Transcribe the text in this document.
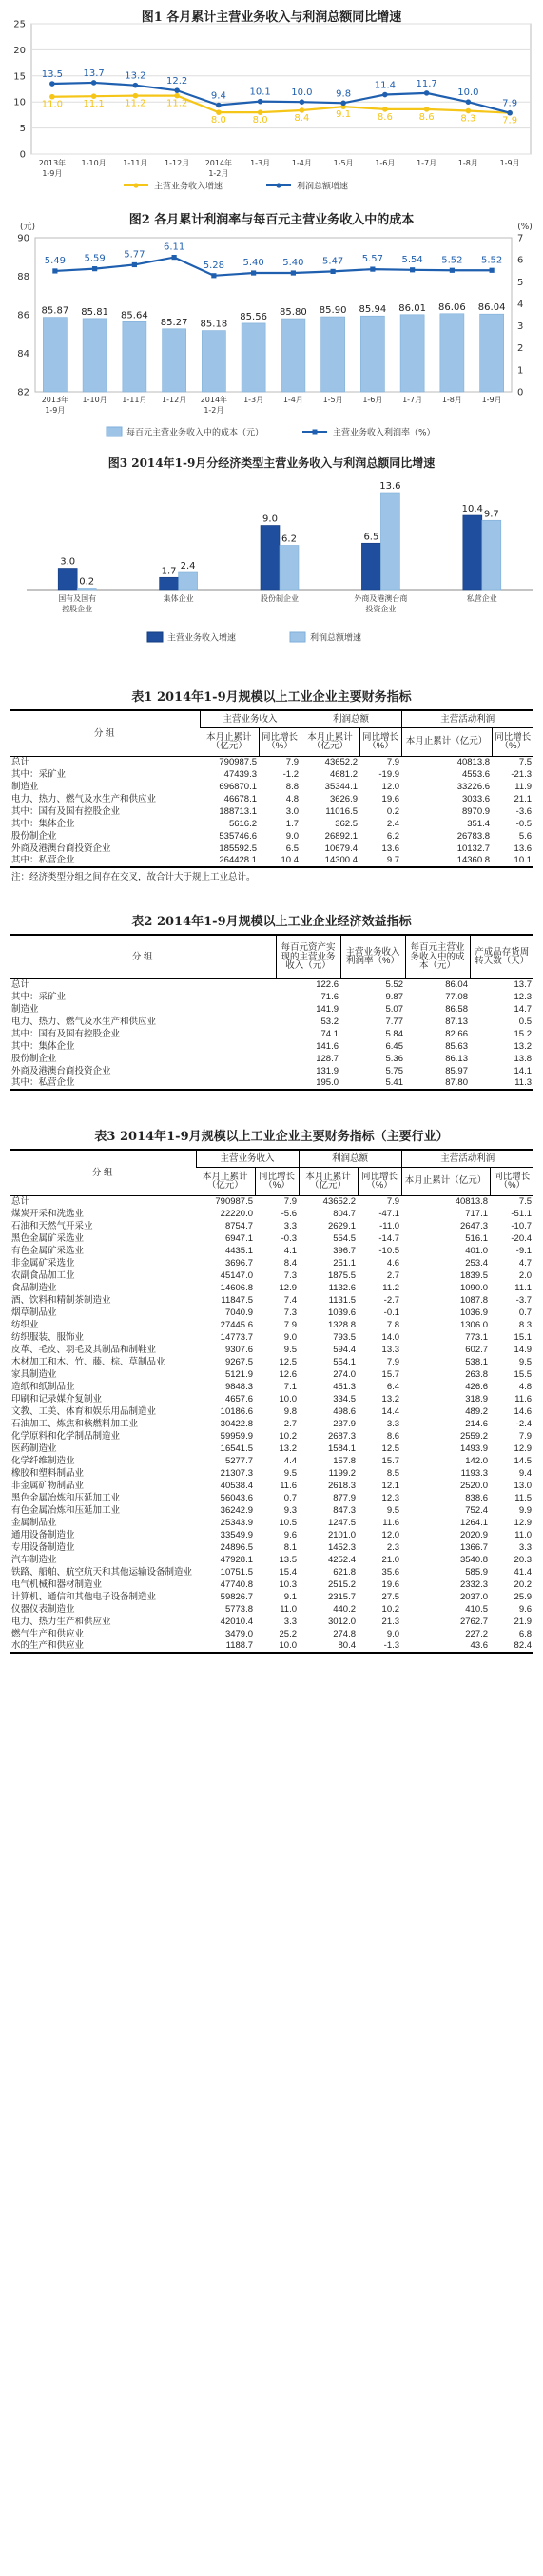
图1 各月累计主营业务收入与利润总额同比增速
0
5
10
15
20
25
2013年
1-9月
1-10月 1-11月 1-12月 2014年
1-2月
1-3月	1-4月	1-5月	1-6月	1-7月	1-8月	1-9月
11.0 11.1 11.2 11.2
8.0	8.0	8.4	9.1	8.6	8.6	8.3	7.9
13.5 13.7 13.2 12.2
9.4 10.1 10.0 9.8
11.4 11.7
10.0
7.9
主营业务收入增速	利润总额增速
图2 各月累计利润率与每百元主营业务收入中的成本
(元)	(%)
82
84
86
88
90
0
1
2
3
4
5
6
7
85.87 85.81 85.64
85.27 85.18
85.56 85.80 85.90 85.94 86.01 86.06 86.04
5.49 5.59 5.77
6.11
5.28 5.40 5.40 5.47 5.57 5.54 5.52 5.52
2013年
1-9月
1-10月 1-11月 1-12月 2014年
1-2月
1-3月	1-4月	1-5月	1-6月	1-7月	1-8月	1-9月
每百元主营业务收入中的成本（元）	主营业务收入利润率（%）
图3 2014年1-9月分经济类型主营业务收入与利润总额同比增速
3.0
1.7
9.0
6.5
10.4
0.2
2.4
6.2
13.6
9.7
国有及国有
控股企业
集体企业	股份制企业	外商及港澳台商
投资企业
私营企业
主营业务收入增速	利润总额增速
表1 2014年1-9月规模以上工业企业主要财务指标
分 组	主营业务收入		利润总额		主营活动利润	
	本月止累计（亿元）	同比增长（%）	本月止累计（亿元）	同比增长（%）	本月止累计（亿元）	同比增长（%）
总计	790987.5	7.9	43652.2	7.9	40813.8	7.5
其中：采矿业	47439.3	-1.2	4681.2	-19.9	4553.6	-21.3
制造业	696870.1	8.8	35344.1	12.0	33226.6	11.9
电力、热力、燃气及水生产和供应业	46678.1	4.8	3626.9	19.6	3033.6	21.1
其中：国有及国有控股企业	188713.1	3.0	11016.5	0.2	8970.9	-3.6
其中：集体企业	5616.2	1.7	362.5	2.4	351.4	-0.5
股份制企业	535746.6	9.0	26892.1	6.2	26783.8	5.6
外商及港澳台商投资企业	185592.5	6.5	10679.4	13.6	10132.7	13.6
其中：私营企业	264428.1	10.4	14300.4	9.7	14360.8	10.1
注：经济类型分组之间存在交叉，故合计大于规上工业总计。
表2 2014年1-9月规模以上工业企业经济效益指标
分 组	每百元资产实现的主营业务收入（元）	主营业务收入利润率（%）	每百元主营业务收入中的成本（元）	产成品存货周转天数（天）
总计	122.6	5.52	86.04	13.7
其中：采矿业	71.6	9.87	77.08	12.3
制造业	141.9	5.07	86.58	14.7
电力、热力、燃气及水生产和供应业	53.2	7.77	87.13	0.5
其中：国有及国有控股企业	74.1	5.84	82.66	15.2
其中：集体企业	141.6	6.45	85.63	13.2
股份制企业	128.7	5.36	86.13	13.8
外商及港澳台商投资企业	131.9	5.75	85.97	14.1
其中：私营企业	195.0	5.41	87.80	11.3
表3 2014年1-9月规模以上工业企业主要财务指标（主要行业）
分 组	主营业务收入		利润总额		主营活动利润	
	本月止累计（亿元）	同比增长（%）	本月止累计（亿元）	同比增长（%）	本月止累计（亿元）	同比增长（%）
总计	790987.5	7.9	43652.2	7.9	40813.8	7.5
煤炭开采和洗选业	22220.0	-5.6	804.7	-47.1	717.1	-51.1
石油和天然气开采业	8754.7	3.3	2629.1	-11.0	2647.3	-10.7
黑色金属矿采选业	6947.1	-0.3	554.5	-14.7	516.1	-20.4
有色金属矿采选业	4435.1	4.1	396.7	-10.5	401.0	-9.1
非金属矿采选业	3696.7	8.4	251.1	4.6	253.4	4.7
农副食品加工业	45147.0	7.3	1875.5	2.7	1839.5	2.0
食品制造业	14606.8	12.9	1132.6	11.2	1090.0	11.1
酒、饮料和精制茶制造业	11847.5	7.4	1131.5	-2.7	1087.8	-3.7
烟草制品业	7040.9	7.3	1039.6	-0.1	1036.9	0.7
纺织业	27445.6	7.9	1328.8	7.8	1306.0	8.3
纺织服装、服饰业	14773.7	9.0	793.5	14.0	773.1	15.1
皮革、毛皮、羽毛及其制品和制鞋业	9307.6	9.5	594.4	13.3	602.7	14.9
木材加工和木、竹、藤、棕、草制品业	9267.5	12.5	554.1	7.9	538.1	9.5
家具制造业	5121.9	12.6	274.0	15.7	263.8	15.5
造纸和纸制品业	9848.3	7.1	451.3	6.4	426.6	4.8
印刷和记录媒介复制业	4657.6	10.0	334.5	13.2	318.9	11.6
文教、工美、体育和娱乐用品制造业	10186.6	9.8	498.6	14.4	489.2	14.6
石油加工、炼焦和核燃料加工业	30422.8	2.7	237.9	3.3	214.6	-2.4
化学原料和化学制品制造业	59959.9	10.2	2687.3	8.6	2559.2	7.9
医药制造业	16541.5	13.2	1584.1	12.5	1493.9	12.9
化学纤维制造业	5277.7	4.4	157.8	15.7	142.0	14.5
橡胶和塑料制品业	21307.3	9.5	1199.2	8.5	1193.3	9.4
非金属矿物制品业	40538.4	11.6	2618.3	12.1	2520.0	13.0
黑色金属冶炼和压延加工业	56043.6	0.7	877.9	12.3	838.6	11.5
有色金属冶炼和压延加工业	36242.9	9.3	847.3	9.5	752.4	9.9
金属制品业	25343.9	10.5	1247.5	11.6	1264.1	12.9
通用设备制造业	33549.9	9.6	2101.0	12.0	2020.9	11.0
专用设备制造业	24896.5	8.1	1452.3	2.3	1366.7	3.3
汽车制造业	47928.1	13.5	4252.4	21.0	3540.8	20.3
铁路、船舶、航空航天和其他运输设备制造业	10751.5	15.4	621.8	35.6	585.9	41.4
电气机械和器材制造业	47740.8	10.3	2515.2	19.6	2332.3	20.2
计算机、通信和其他电子设备制造业	59826.7	9.1	2315.7	27.5	2037.0	25.9
仪器仪表制造业	5773.8	11.0	440.2	10.2	410.5	9.6
电力、热力生产和供应业	42010.4	3.3	3012.0	21.3	2762.7	21.9
燃气生产和供应业	3479.0	25.2	274.8	9.0	227.2	6.8
水的生产和供应业	1188.7	10.0	80.4	-1.3	43.6	82.4
